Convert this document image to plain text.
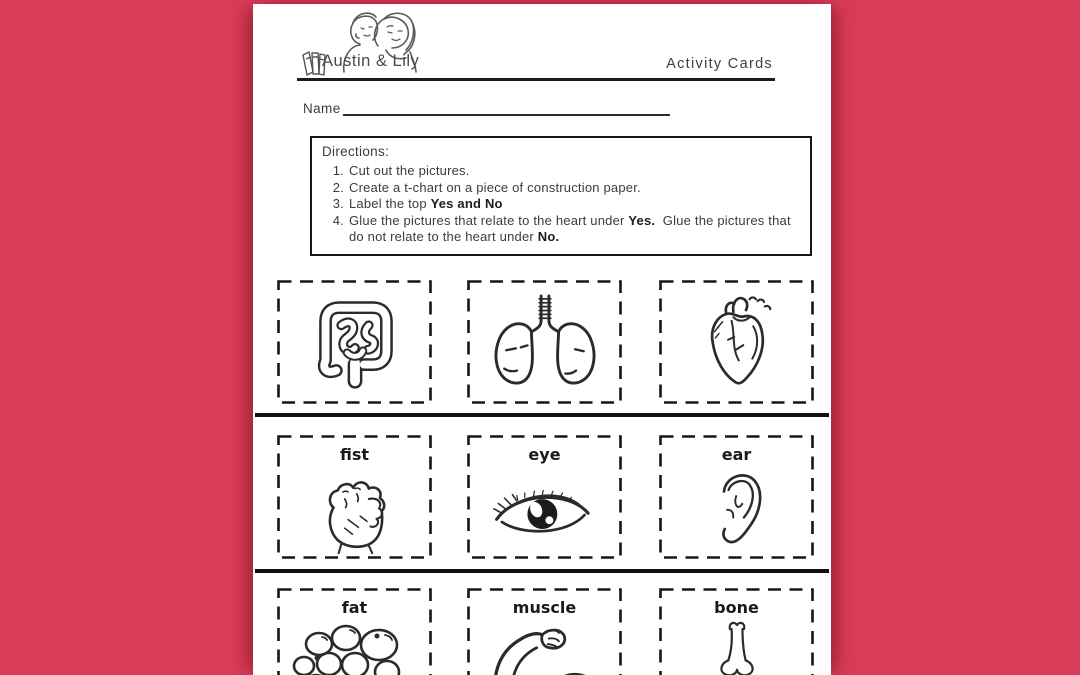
Austin & Lily	Activity Cards
Name
Directions:
1. Cut out the pictures.
2. Create a t-chart on a piece of construction paper.
3. Label the top Yes and No
4. Glue the pictures that relate to the heart under Yes.  Glue the pictures that do not relate to the heart under No.
fist	eye	ear
fat	muscle	bone
